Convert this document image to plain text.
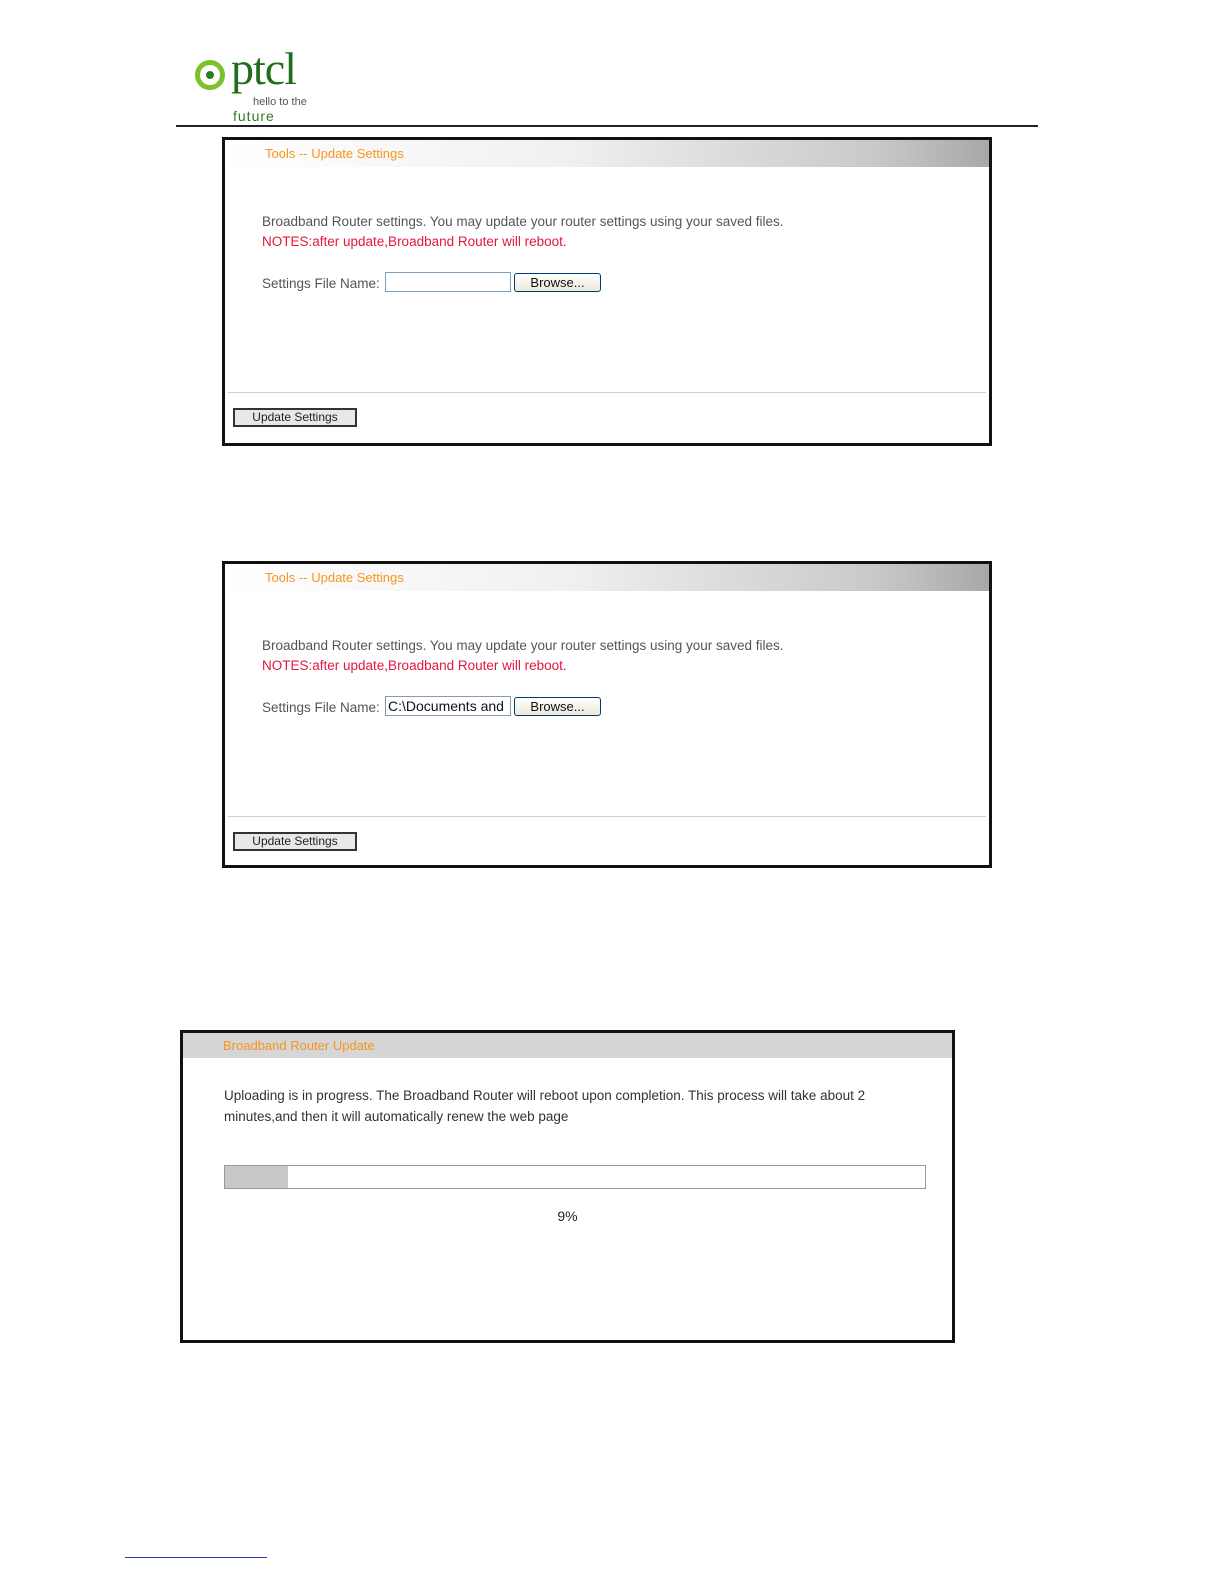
ptcl
hello to the
future
Tools -- Update Settings
Broadband Router settings. You may update your router settings using your saved files.
NOTES:after update,Broadband Router will reboot.
Settings File Name:	Browse...
Update Settings
Tools -- Update Settings
Broadband Router settings. You may update your router settings using your saved files.
NOTES:after update,Broadband Router will reboot.
Settings File Name:
C:\Documents and	Browse...
Update Settings
Broadband Router Update
Uploading is in progress. The Broadband Router will reboot upon completion. This process will take about 2 minutes,and then it will automatically renew the web page
9%
